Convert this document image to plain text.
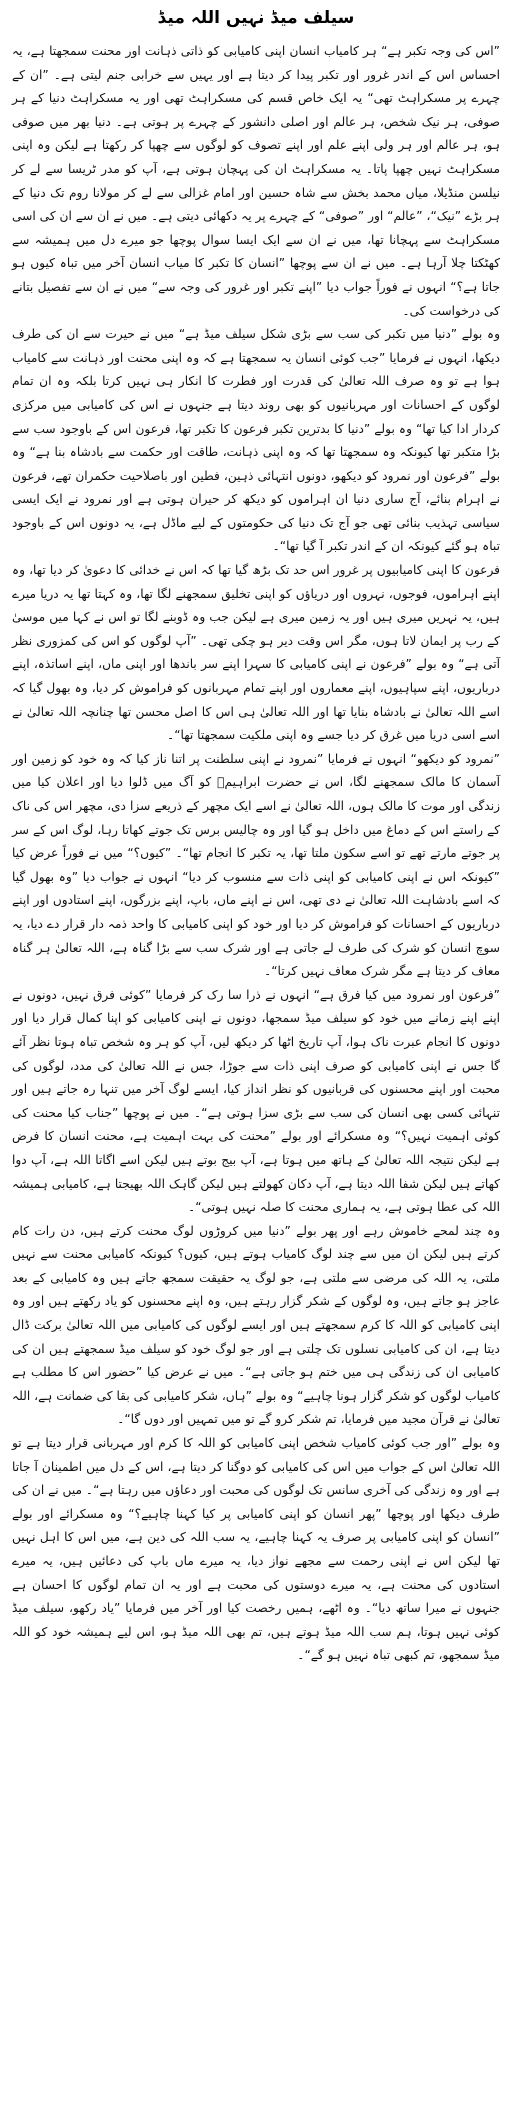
سیلف میڈ نہیں اللہ میڈ

”اس کی وجہ تکبر ہے“ ہر کامیاب انسان اپنی کامیابی کو ذاتی ذہانت اور محنت سمجھتا ہے، یہ احساس اس کے اندر غرور اور تکبر پیدا کر دیتا ہے اور یہیں سے خرابی جنم لیتی ہے۔ ”ان کے چہرے پر مسکراہٹ تھی“ یہ ایک خاص قسم کی مسکراہٹ تھی اور یہ مسکراہٹ دنیا کے ہر صوفی، ہر نیک شخص، ہر عالم اور اصلی دانشور کے چہرے پر ہوتی ہے۔ دنیا بھر میں صوفی ہو، ہر عالم اور ہر ولی اپنے علم اور اپنے تصوف کو لوگوں سے چھپا کر رکھتا ہے لیکن وہ اپنی مسکراہٹ نہیں چھپا پاتا۔ یہ مسکراہٹ ان کی پہچان ہوتی ہے، آپ کو مدر ٹریسا سے لے کر نیلسن منڈیلا، میاں محمد بخش سے شاہ حسین اور امام غزالی سے لے کر مولانا روم تک دنیا کے ہر بڑے ”نیک“، ”عالم“ اور ”صوفی“ کے چہرے پر یہ دکھائی دیتی ہے۔ میں نے ان سے ان کی اسی مسکراہٹ سے پہچانا تھا، میں نے ان سے ایک ایسا سوال پوچھا جو میرے دل میں ہمیشہ سے کھٹکتا چلا آرہا ہے۔ میں نے ان سے پوچھا ”انسان کا تکبر کا میاب انسان آخر میں تباہ کیوں ہو جاتا ہے؟“ انہوں نے فوراً جواب دیا ”اپنے تکبر اور غرور کی وجہ سے“ میں نے ان سے تفصیل بتانے کی درخواست کی۔

وہ بولے ”دنیا میں تکبر کی سب سے بڑی شکل سیلف میڈ ہے“ میں نے حیرت سے ان کی طرف دیکھا، انہوں نے فرمایا ”جب کوئی انسان یہ سمجھتا ہے کہ وہ اپنی محنت اور ذہانت سے کامیاب ہوا ہے تو وہ صرف اللہ تعالیٰ کی قدرت اور فطرت کا انکار ہی نہیں کرتا بلکہ وہ ان تمام لوگوں کے احسانات اور مہربانیوں کو بھی روند دیتا ہے جنہوں نے اس کی کامیابی میں مرکزی کردار ادا کیا تھا“ وہ بولے ”دنیا کا بدترین تکبر فرعون کا تکبر تھا، فرعون اس کے باوجود سب سے بڑا متکبر تھا کیونکہ وہ سمجھتا تھا کہ وہ اپنی ذہانت، طاقت اور حکمت سے بادشاہ بنا ہے“ وہ بولے ”فرعون اور نمرود کو دیکھو، دونوں انتہائی ذہین، فطین اور باصلاحیت حکمران تھے، فرعون نے اہرام بنائے، آج ساری دنیا ان اہراموں کو دیکھ کر حیران ہوتی ہے اور نمرود نے ایک ایسی سیاسی تہذیب بنائی تھی جو آج تک دنیا کی حکومتوں کے لیے ماڈل ہے، یہ دونوں اس کے باوجود تباہ ہو گئے کیونکہ ان کے اندر تکبر آ گیا تھا“۔

فرعون کا اپنی کامیابیوں پر غرور اس حد تک بڑھ گیا تھا کہ اس نے خدائی کا دعویٰ کر دیا تھا، وہ اپنے اہراموں، فوجوں، نہروں اور دریاؤں کو اپنی تخلیق سمجھنے لگا تھا، وہ کہتا تھا یہ دریا میرے ہیں، یہ نہریں میری ہیں اور یہ زمین میری ہے لیکن جب وہ ڈوبنے لگا تو اس نے کہا میں موسیٰ کے رب پر ایمان لاتا ہوں، مگر اس وقت دیر ہو چکی تھی۔ ”آپ لوگوں کو اس کی کمزوری نظر آتی ہے“ وہ بولے ”فرعون نے اپنی کامیابی کا سہرا اپنے سر باندھا اور اپنی ماں، اپنے اساتذہ، اپنے درباریوں، اپنے سپاہیوں، اپنے معماروں اور اپنے تمام مہربانوں کو فراموش کر دیا، وہ بھول گیا کہ اسے اللہ تعالیٰ نے بادشاہ بنایا تھا اور اللہ تعالیٰ ہی اس کا اصل محسن تھا چنانچہ اللہ تعالیٰ نے اسے اسی دریا میں غرق کر دیا جسے وہ اپنی ملکیت سمجھتا تھا“۔

”نمرود کو دیکھو“ انہوں نے فرمایا ”نمرود نے اپنی سلطنت پر اتنا ناز کیا کہ وہ خود کو زمین اور آسمان کا مالک سمجھنے لگا، اس نے حضرت ابراہیمؑ کو آگ میں ڈلوا دیا اور اعلان کیا میں زندگی اور موت کا مالک ہوں، اللہ تعالیٰ نے اسے ایک مچھر کے ذریعے سزا دی، مچھر اس کی ناک کے راستے اس کے دماغ میں داخل ہو گیا اور وہ چالیس برس تک جوتے کھاتا رہا، لوگ اس کے سر پر جوتے مارتے تھے تو اسے سکون ملتا تھا، یہ تکبر کا انجام تھا“۔ ”کیوں؟“ میں نے فوراً عرض کیا ”کیونکہ اس نے اپنی کامیابی کو اپنی ذات سے منسوب کر دیا“ انہوں نے جواب دیا ”وہ بھول گیا کہ اسے بادشاہت اللہ تعالیٰ نے دی تھی، اس نے اپنے ماں، باپ، اپنے بزرگوں، اپنے استادوں اور اپنے درباریوں کے احسانات کو فراموش کر دیا اور خود کو اپنی کامیابی کا واحد ذمہ دار قرار دے دیا، یہ سوچ انسان کو شرک کی طرف لے جاتی ہے اور شرک سب سے بڑا گناہ ہے، اللہ تعالیٰ ہر گناہ معاف کر دیتا ہے مگر شرک معاف نہیں کرتا“۔

”فرعون اور نمرود میں کیا فرق ہے“ انہوں نے ذرا سا رک کر فرمایا ”کوئی فرق نہیں، دونوں نے اپنے اپنے زمانے میں خود کو سیلف میڈ سمجھا، دونوں نے اپنی کامیابی کو اپنا کمال قرار دیا اور دونوں کا انجام عبرت ناک ہوا، آپ تاریخ اٹھا کر دیکھ لیں، آپ کو ہر وہ شخص تباہ ہوتا نظر آئے گا جس نے اپنی کامیابی کو صرف اپنی ذات سے جوڑا، جس نے اللہ تعالیٰ کی مدد، لوگوں کی محبت اور اپنے محسنوں کی قربانیوں کو نظر انداز کیا، ایسے لوگ آخر میں تنہا رہ جاتے ہیں اور تنہائی کسی بھی انسان کی سب سے بڑی سزا ہوتی ہے“۔ میں نے پوچھا ”جناب کیا محنت کی کوئی اہمیت نہیں؟“ وہ مسکرائے اور بولے ”محنت کی بہت اہمیت ہے، محنت انسان کا فرض ہے لیکن نتیجہ اللہ تعالیٰ کے ہاتھ میں ہوتا ہے، آپ بیج بوتے ہیں لیکن اسے اگاتا اللہ ہے، آپ دوا کھاتے ہیں لیکن شفا اللہ دیتا ہے، آپ دکان کھولتے ہیں لیکن گاہک اللہ بھیجتا ہے، کامیابی ہمیشہ اللہ کی عطا ہوتی ہے، یہ ہماری محنت کا صلہ نہیں ہوتی“۔

وہ چند لمحے خاموش رہے اور پھر بولے ”دنیا میں کروڑوں لوگ محنت کرتے ہیں، دن رات کام کرتے ہیں لیکن ان میں سے چند لوگ کامیاب ہوتے ہیں، کیوں؟ کیونکہ کامیابی محنت سے نہیں ملتی، یہ اللہ کی مرضی سے ملتی ہے، جو لوگ یہ حقیقت سمجھ جاتے ہیں وہ کامیابی کے بعد عاجز ہو جاتے ہیں، وہ لوگوں کے شکر گزار رہتے ہیں، وہ اپنے محسنوں کو یاد رکھتے ہیں اور وہ اپنی کامیابی کو اللہ کا کرم سمجھتے ہیں اور ایسے لوگوں کی کامیابی میں اللہ تعالیٰ برکت ڈال دیتا ہے، ان کی کامیابی نسلوں تک چلتی ہے اور جو لوگ خود کو سیلف میڈ سمجھتے ہیں ان کی کامیابی ان کی زندگی ہی میں ختم ہو جاتی ہے“۔ میں نے عرض کیا ”حضور اس کا مطلب ہے کامیاب لوگوں کو شکر گزار ہونا چاہیے“ وہ بولے ”ہاں، شکر کامیابی کی بقا کی ضمانت ہے، اللہ تعالیٰ نے قرآن مجید میں فرمایا، تم شکر کرو گے تو میں تمہیں اور دوں گا“۔

وہ بولے ”اور جب کوئی کامیاب شخص اپنی کامیابی کو اللہ کا کرم اور مہربانی قرار دیتا ہے تو اللہ تعالیٰ اس کے جواب میں اس کی کامیابی کو دوگنا کر دیتا ہے، اس کے دل میں اطمینان آ جاتا ہے اور وہ زندگی کی آخری سانس تک لوگوں کی محبت اور دعاؤں میں رہتا ہے“۔ میں نے ان کی طرف دیکھا اور پوچھا ”پھر انسان کو اپنی کامیابی پر کیا کہنا چاہیے؟“ وہ مسکرائے اور بولے ”انسان کو اپنی کامیابی پر صرف یہ کہنا چاہیے، یہ سب اللہ کی دین ہے، میں اس کا اہل نہیں تھا لیکن اس نے اپنی رحمت سے مجھے نواز دیا، یہ میرے ماں باپ کی دعائیں ہیں، یہ میرے استادوں کی محنت ہے، یہ میرے دوستوں کی محبت ہے اور یہ ان تمام لوگوں کا احسان ہے جنہوں نے میرا ساتھ دیا“۔ وہ اٹھے، ہمیں رخصت کیا اور آخر میں فرمایا ”یاد رکھو، سیلف میڈ کوئی نہیں ہوتا، ہم سب اللہ میڈ ہوتے ہیں، تم بھی اللہ میڈ ہو، اس لیے ہمیشہ خود کو اللہ میڈ سمجھو، تم کبھی تباہ نہیں ہو گے“۔
